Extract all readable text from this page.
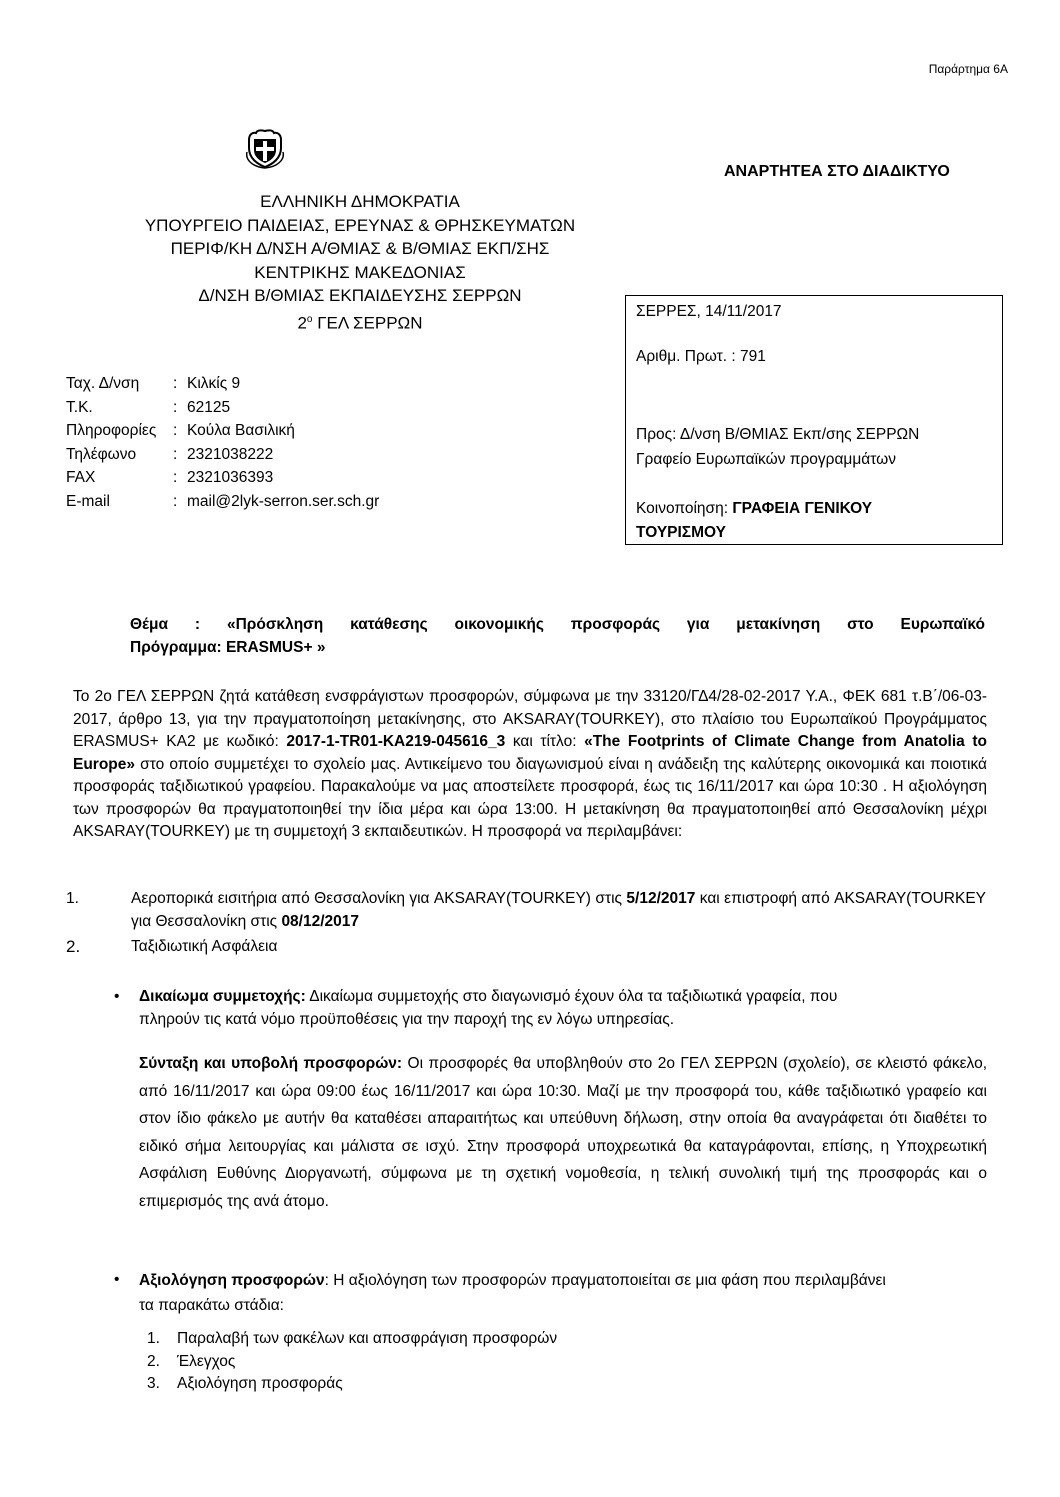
Παράρτημα 6Α
ΕΛΛΗΝΙΚΗ ΔΗΜΟΚΡΑΤΙΑ
ΥΠΟΥΡΓΕΙΟ ΠΑΙΔΕΙΑΣ, ΕΡΕΥΝΑΣ & ΘΡΗΣΚΕΥΜΑΤΩΝ
ΠΕΡΙΦ/ΚΗ Δ/ΝΣΗ Α/ΘΜΙΑΣ & Β/ΘΜΙΑΣ ΕΚΠ/ΣΗΣ
ΚΕΝΤΡΙΚΗΣ ΜΑΚΕΔΟΝΙΑΣ
Δ/ΝΣΗ Β/ΘΜΙΑΣ ΕΚΠΑΙΔΕΥΣΗΣ ΣΕΡΡΩΝ
$2^o$ ΓΕΛ ΣΕΡΡΩΝ
ΑΝΑΡΤΗΤΕΑ ΣΤΟ ΔΙΑΔΙΚΤΥΟ
ΣΕΡΡΕΣ, 14/11/2017
Αριθμ. Πρωτ. : 791
Προς: Δ/νση Β/ΘΜΙΑΣ Εκπ/σης ΣΕΡΡΩΝ
Γραφείο Ευρωπαϊκών προγραμμάτων
Κοινοποίηση: ΓΡΑΦΕΙΑ ΓΕΝΙΚΟΥ
ΤΟΥΡΙΣΜΟΥ
Ταχ. Δ/νση	: Κιλκίς 9
Τ.Κ.	: 62125
Πληροφορίες	: Κούλα Βασιλική
Τηλέφωνο	: 2321038222
FAX	: 2321036393
E-mail	: mail@2lyk-serron.ser.sch.gr
Θέμα : «Πρόσκληση κατάθεσης οικονομικής προσφοράς για μετακίνηση στο Ευρωπαϊκό
Πρόγραμμα: ERASMUS+ »
Το 2ο ΓΕΛ ΣΕΡΡΩΝ ζητά κατάθεση ενσφράγιστων προσφορών, σύμφωνα με την 33120/ΓΔ4/28-02-2017 Υ.Α., ΦΕΚ 681 τ.Β΄/06-03-2017, άρθρο 13, για την πραγματοποίηση μετακίνησης, στο AKSARAY(TOURKEY), στο πλαίσιο του Ευρωπαϊκού Προγράμματος ERASMUS+ KA2 με κωδικό: 2017-1-TR01-KA219-045616_3 και τίτλο: «The Footprints of Climate Change from Anatolia to Europe» στο οποίο συμμετέχει το σχολείο μας. Αντικείμενο του διαγωνισμού είναι η ανάδειξη της καλύτερης οικονομικά και ποιοτικά προσφοράς ταξιδιωτικού γραφείου. Παρακαλούμε να μας αποστείλετε προσφορά, έως τις 16/11/2017 και ώρα 10:30 . Η αξιολόγηση των προσφορών θα πραγματοποιηθεί την ίδια μέρα και ώρα 13:00. Η μετακίνηση θα πραγματοποιηθεί από Θεσσαλονίκη μέχρι AKSARAY(TOURKEY) με τη συμμετοχή 3 εκπαιδευτικών. Η προσφορά να περιλαμβάνει:
1.	Αεροπορικά εισιτήρια από Θεσσαλονίκη για AKSARAY(TOURKEY) στις 5/12/2017 και επιστροφή από AKSARAY(TOURKEY για Θεσσαλονίκη στις 08/12/2017
2.	Ταξιδιωτική Ασφάλεια
• Δικαίωμα συμμετοχής: Δικαίωμα συμμετοχής στο διαγωνισμό έχουν όλα τα ταξιδιωτικά γραφεία, που πληρούν τις κατά νόμο προϋποθέσεις για την παροχή της εν λόγω υπηρεσίας.
Σύνταξη και υποβολή προσφορών: Οι προσφορές θα υποβληθούν στο 2ο ΓΕΛ ΣΕΡΡΩΝ (σχολείο), σε κλειστό φάκελο, από 16/11/2017 και ώρα 09:00 έως 16/11/2017 και ώρα 10:30. Μαζί με την προσφορά του, κάθε ταξιδιωτικό γραφείο και στον ίδιο φάκελο με αυτήν θα καταθέσει απαραιτήτως και υπεύθυνη δήλωση, στην οποία θα αναγράφεται ότι διαθέτει το ειδικό σήμα λειτουργίας και μάλιστα σε ισχύ. Στην προσφορά υποχρεωτικά θα καταγράφονται, επίσης, η Υποχρεωτική Ασφάλιση Ευθύνης Διοργανωτή, σύμφωνα με τη σχετική νομοθεσία, η τελική συνολική τιμή της προσφοράς και ο επιμερισμός της ανά άτομο.
• Αξιολόγηση προσφορών: Η αξιολόγηση των προσφορών πραγματοποιείται σε μια φάση που περιλαμβάνει τα παρακάτω στάδια:
1.	Παραλαβή των φακέλων και αποσφράγιση προσφορών
2.	Έλεγχος
3.	Αξιολόγηση προσφοράς
